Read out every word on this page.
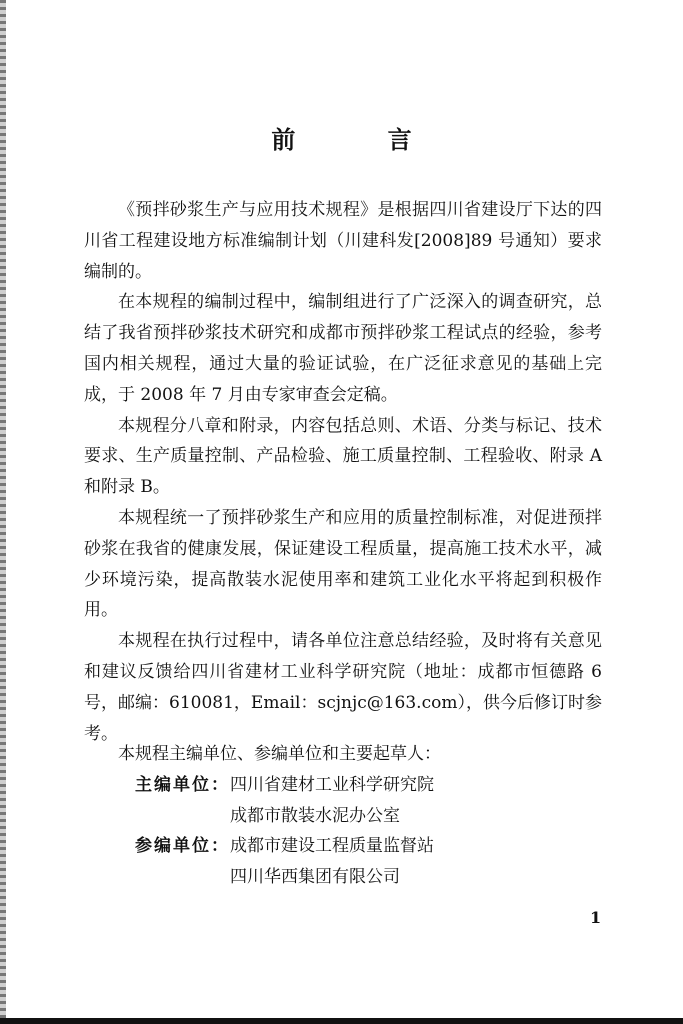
前 言

《预拌砂浆生产与应用技术规程》是根据四川省建设厅下达的四川省工程建设地方标准编制计划（川建科发[2008]89 号通知）要求编制的。

在本规程的编制过程中，编制组进行了广泛深入的调查研究，总结了我省预拌砂浆技术研究和成都市预拌砂浆工程试点的经验，参考国内相关规程，通过大量的验证试验，在广泛征求意见的基础上完成，于 2008 年 7 月由专家审查会定稿。

本规程分八章和附录，内容包括总则、术语、分类与标记、技术要求、生产质量控制、产品检验、施工质量控制、工程验收、附录 A 和附录 B。

本规程统一了预拌砂浆生产和应用的质量控制标准，对促进预拌砂浆在我省的健康发展，保证建设工程质量，提高施工技术水平，减少环境污染，提高散装水泥使用率和建筑工业化水平将起到积极作用。

本规程在执行过程中，请各单位注意总结经验，及时将有关意见和建议反馈给四川省建材工业科学研究院（地址：成都市恒德路 6 号，邮编：610081，Email：scjnjc@163.com），供今后修订时参考。

本规程主编单位、参编单位和主要起草人：

主编单位： 四川省建材工业科学研究院
成都市散装水泥办公室
参编单位： 成都市建设工程质量监督站
四川华西集团有限公司
1
